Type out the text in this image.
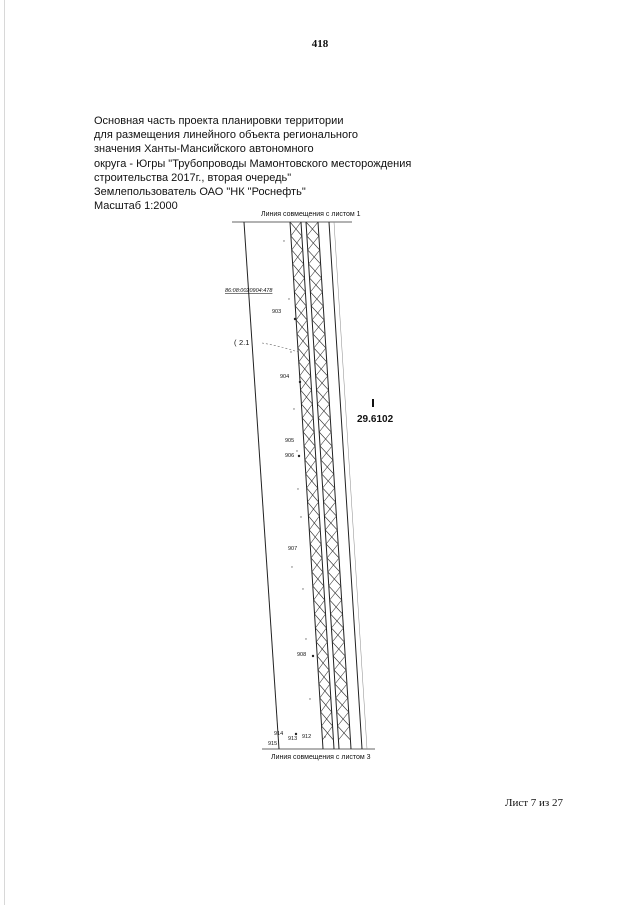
418
Основная часть проекта планировки территории
для размещения линейного объекта регионального
значения Ханты-Мансийского автономного
округа - Югры "Трубопроводы Мамонтовского месторождения
строительства 2017г., вторая очередь"
Землепользователь ОАО "НК "Роснефть"
Масштаб 1:2000
Линия совмещения с листом 1
Линия совмещения с листом 3
2.1
(
86:08:0020904:478
29.6102
903
904
905
906
907
908
912
913
914
915
v
v
v
v
v
v
v
v
v
v
v
v
Лист 7 из 27
